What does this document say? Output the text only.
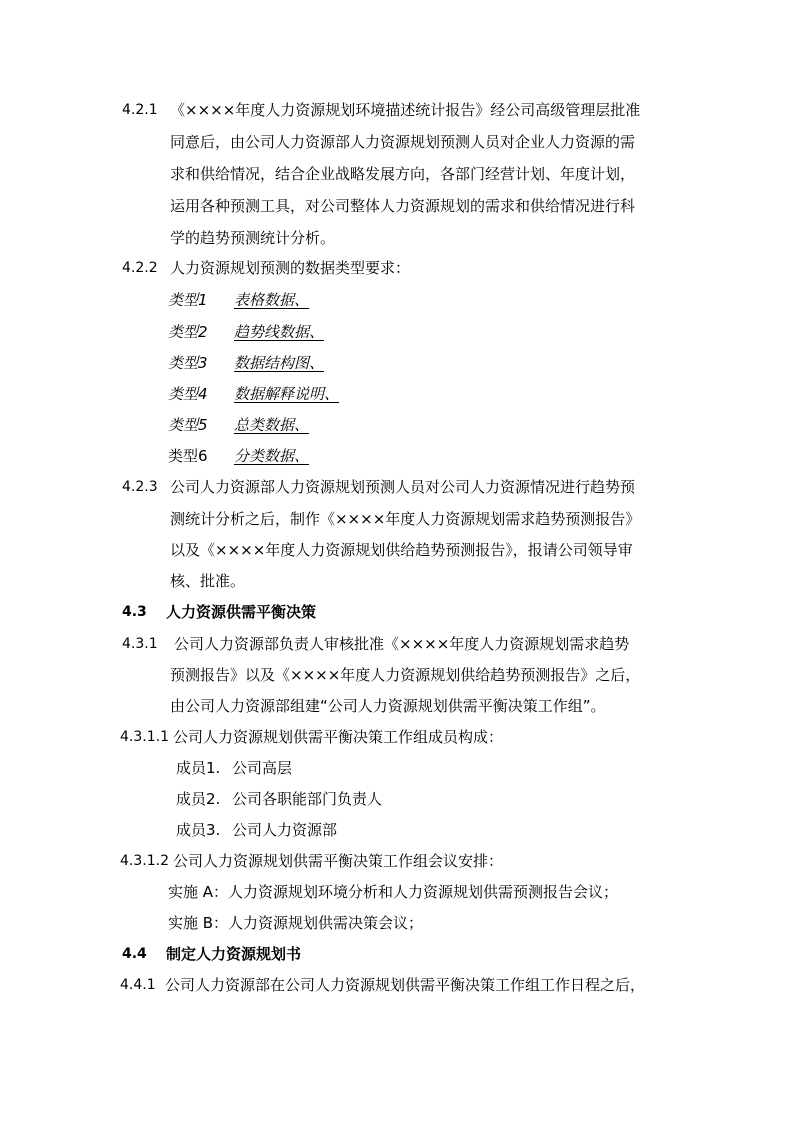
4.2.1 《××××年度人力资源规划环境描述统计报告》经公司高级管理层批准
同意后，由公司人力资源部人力资源规划预测人员对企业人力资源的需
求和供给情况，结合企业战略发展方向，各部门经营计划、年度计划，
运用各种预测工具，对公司整体人力资源规划的需求和供给情况进行科
学的趋势预测统计分析。
4.2.2 人力资源规划预测的数据类型要求：
类型1 表格数据、
类型2 趋势线数据、
类型3 数据结构图、
类型4 数据解释说明、
类型5 总类数据、
类型6 分类数据、
4.2.3 公司人力资源部人力资源规划预测人员对公司人力资源情况进行趋势预
测统计分析之后，制作《××××年度人力资源规划需求趋势预测报告》
以及《××××年度人力资源规划供给趋势预测报告》，报请公司领导审
核、批准。
4.3 人力资源供需平衡决策
4.3.1 公司人力资源部负责人审核批准《××××年度人力资源规划需求趋势
预测报告》以及《××××年度人力资源规划供给趋势预测报告》之后，
由公司人力资源部组建“公司人力资源规划供需平衡决策工作组”。
4.3.1.1 公司人力资源规划供需平衡决策工作组成员构成：
成员1. 公司高层
成员2. 公司各职能部门负责人
成员3. 公司人力资源部
4.3.1.2 公司人力资源规划供需平衡决策工作组会议安排：
实施 A：人力资源规划环境分析和人力资源规划供需预测报告会议；
实施 B：人力资源规划供需决策会议；
4.4 制定人力资源规划书
4.4.1 公司人力资源部在公司人力资源规划供需平衡决策工作组工作日程之后，
